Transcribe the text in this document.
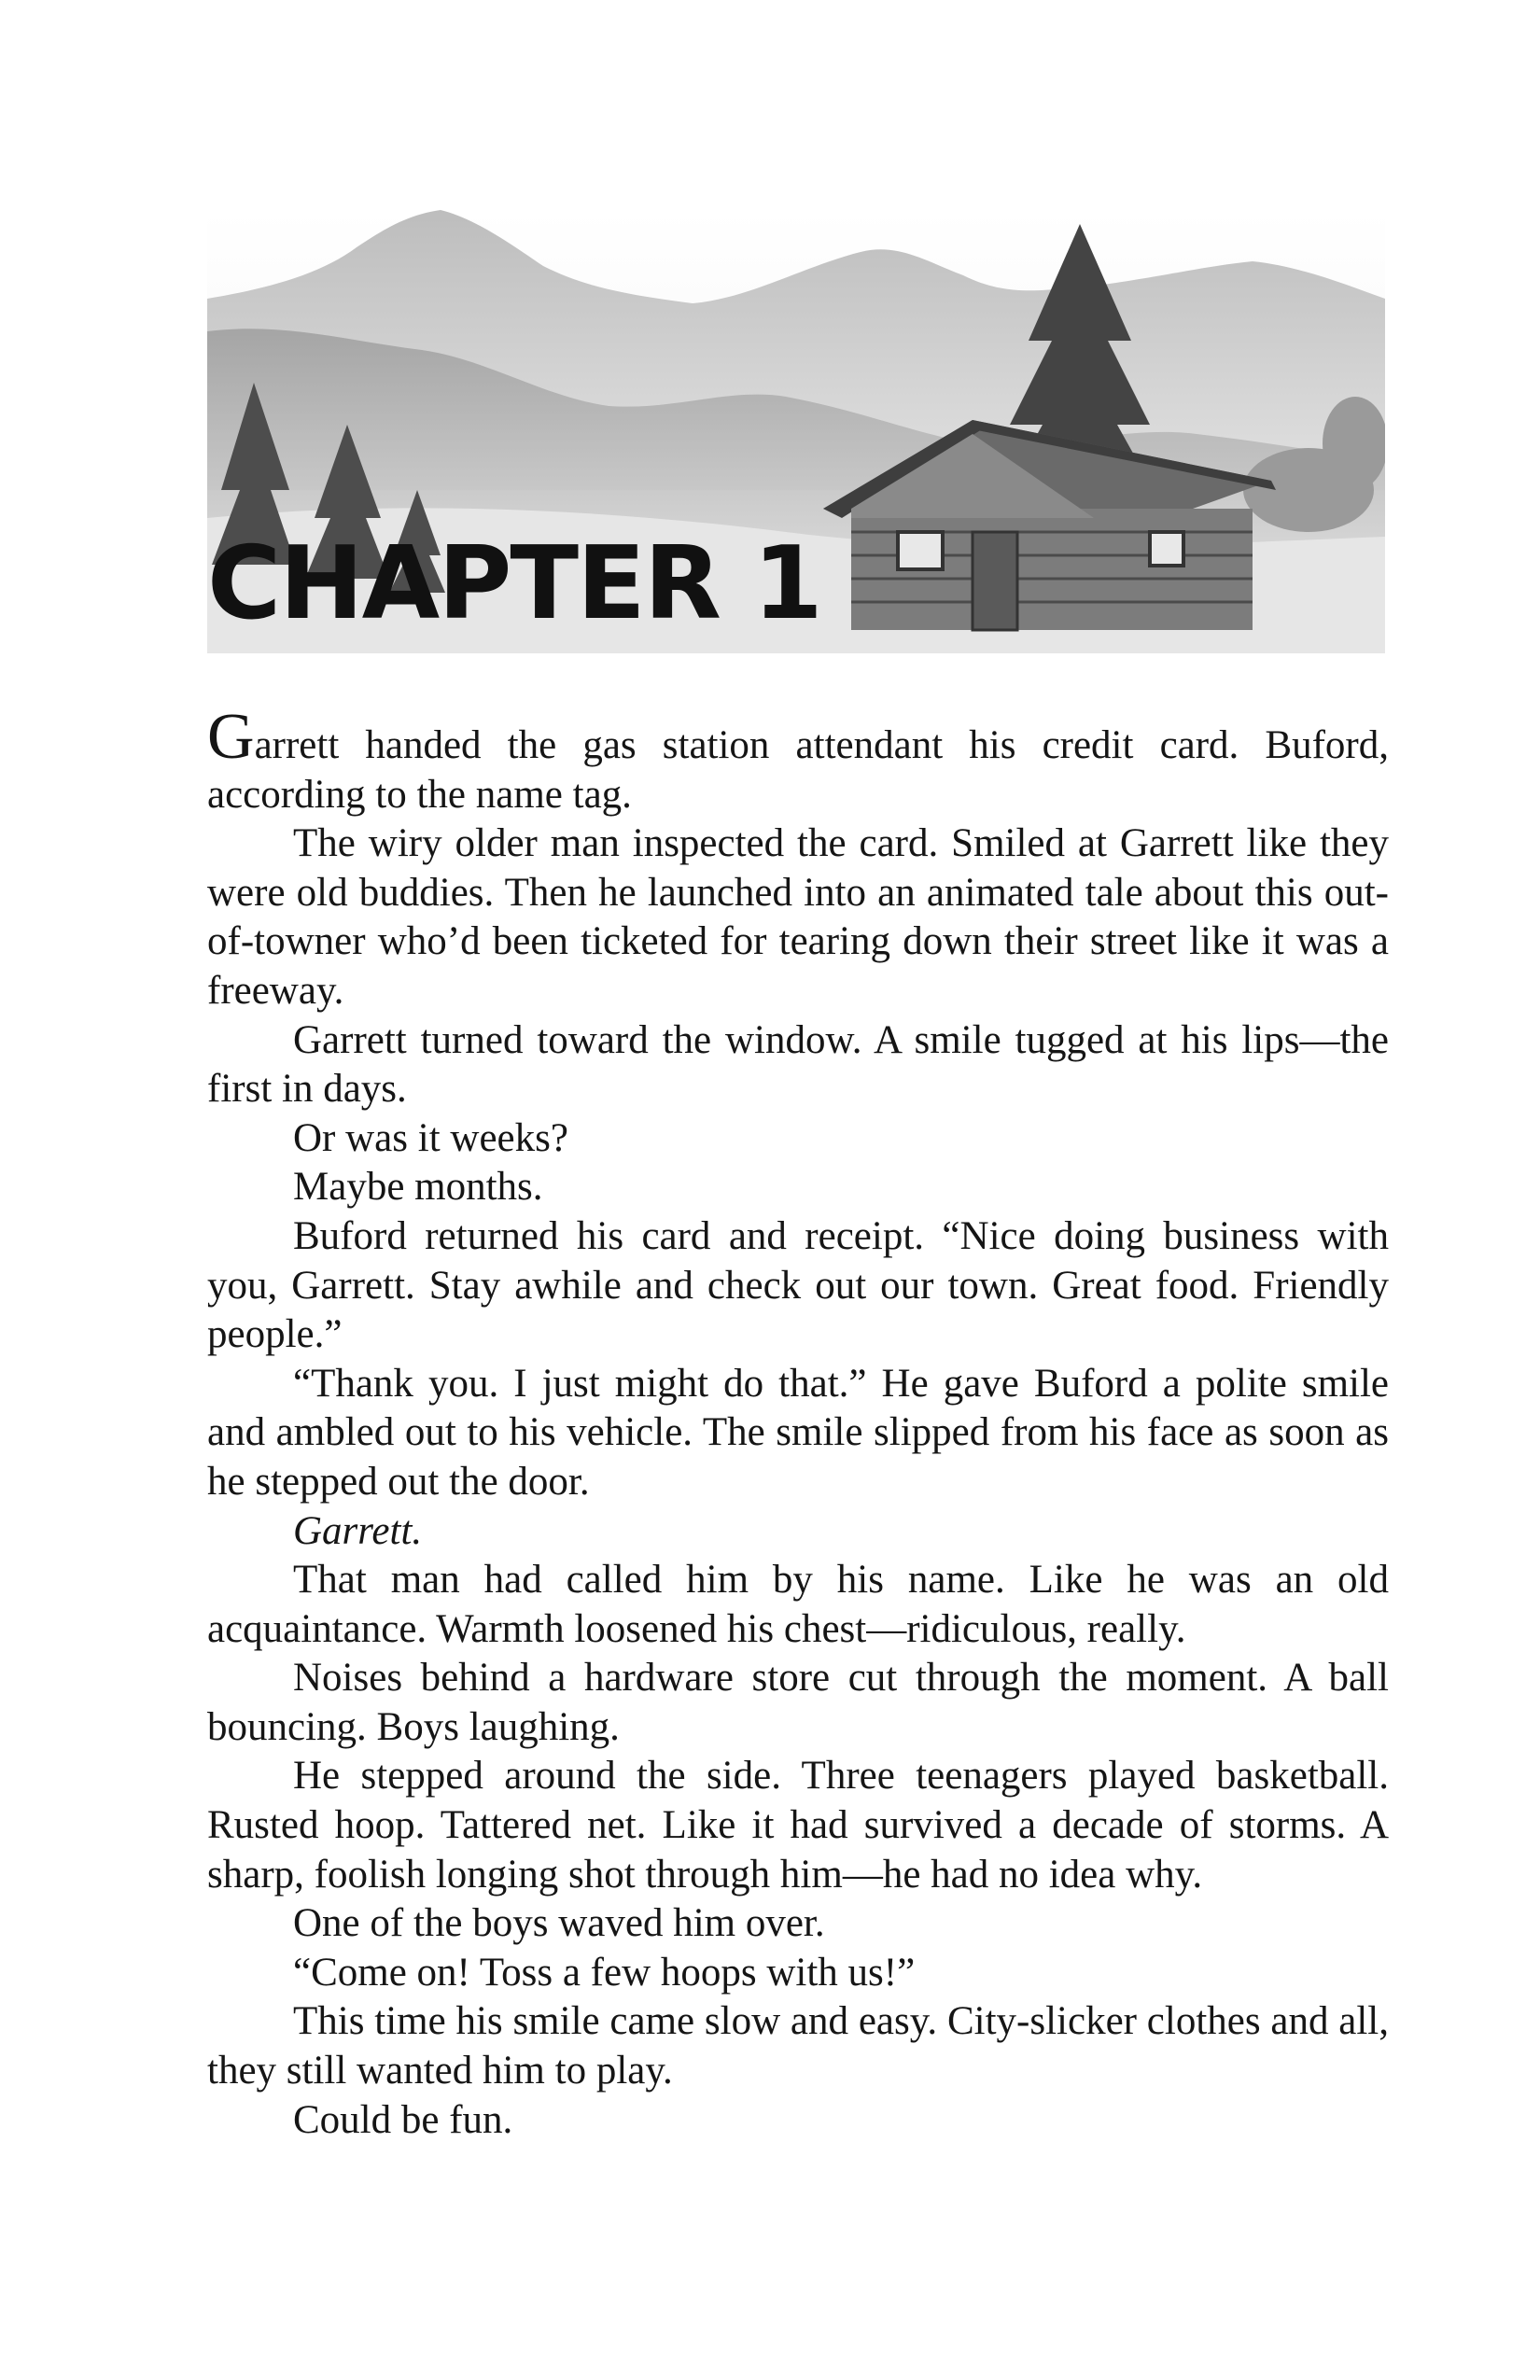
CHAPTER 1

Garrett handed the gas station attendant his credit card. Buford, according to the name tag.

The wiry older man inspected the card. Smiled at Garrett like they were old buddies. Then he launched into an animated tale about this out-of-towner who’d been ticketed for tearing down their street like it was a freeway.

Garrett turned toward the window. A smile tugged at his lips—the first in days.

Or was it weeks?

Maybe months.

Buford returned his card and receipt. “Nice doing business with you, Garrett. Stay awhile and check out our town. Great food. Friendly people.”

“Thank you. I just might do that.” He gave Buford a polite smile and ambled out to his vehicle. The smile slipped from his face as soon as he stepped out the door.

Garrett.

That man had called him by his name. Like he was an old acquaintance. Warmth loosened his chest—ridiculous, really.

Noises behind a hardware store cut through the moment. A ball bouncing. Boys laughing.

He stepped around the side. Three teenagers played basketball. Rusted hoop. Tattered net. Like it had survived a decade of storms. A sharp, foolish longing shot through him—he had no idea why.

One of the boys waved him over.

“Come on! Toss a few hoops with us!”

This time his smile came slow and easy. City-slicker clothes and all, they still wanted him to play.

Could be fun.
